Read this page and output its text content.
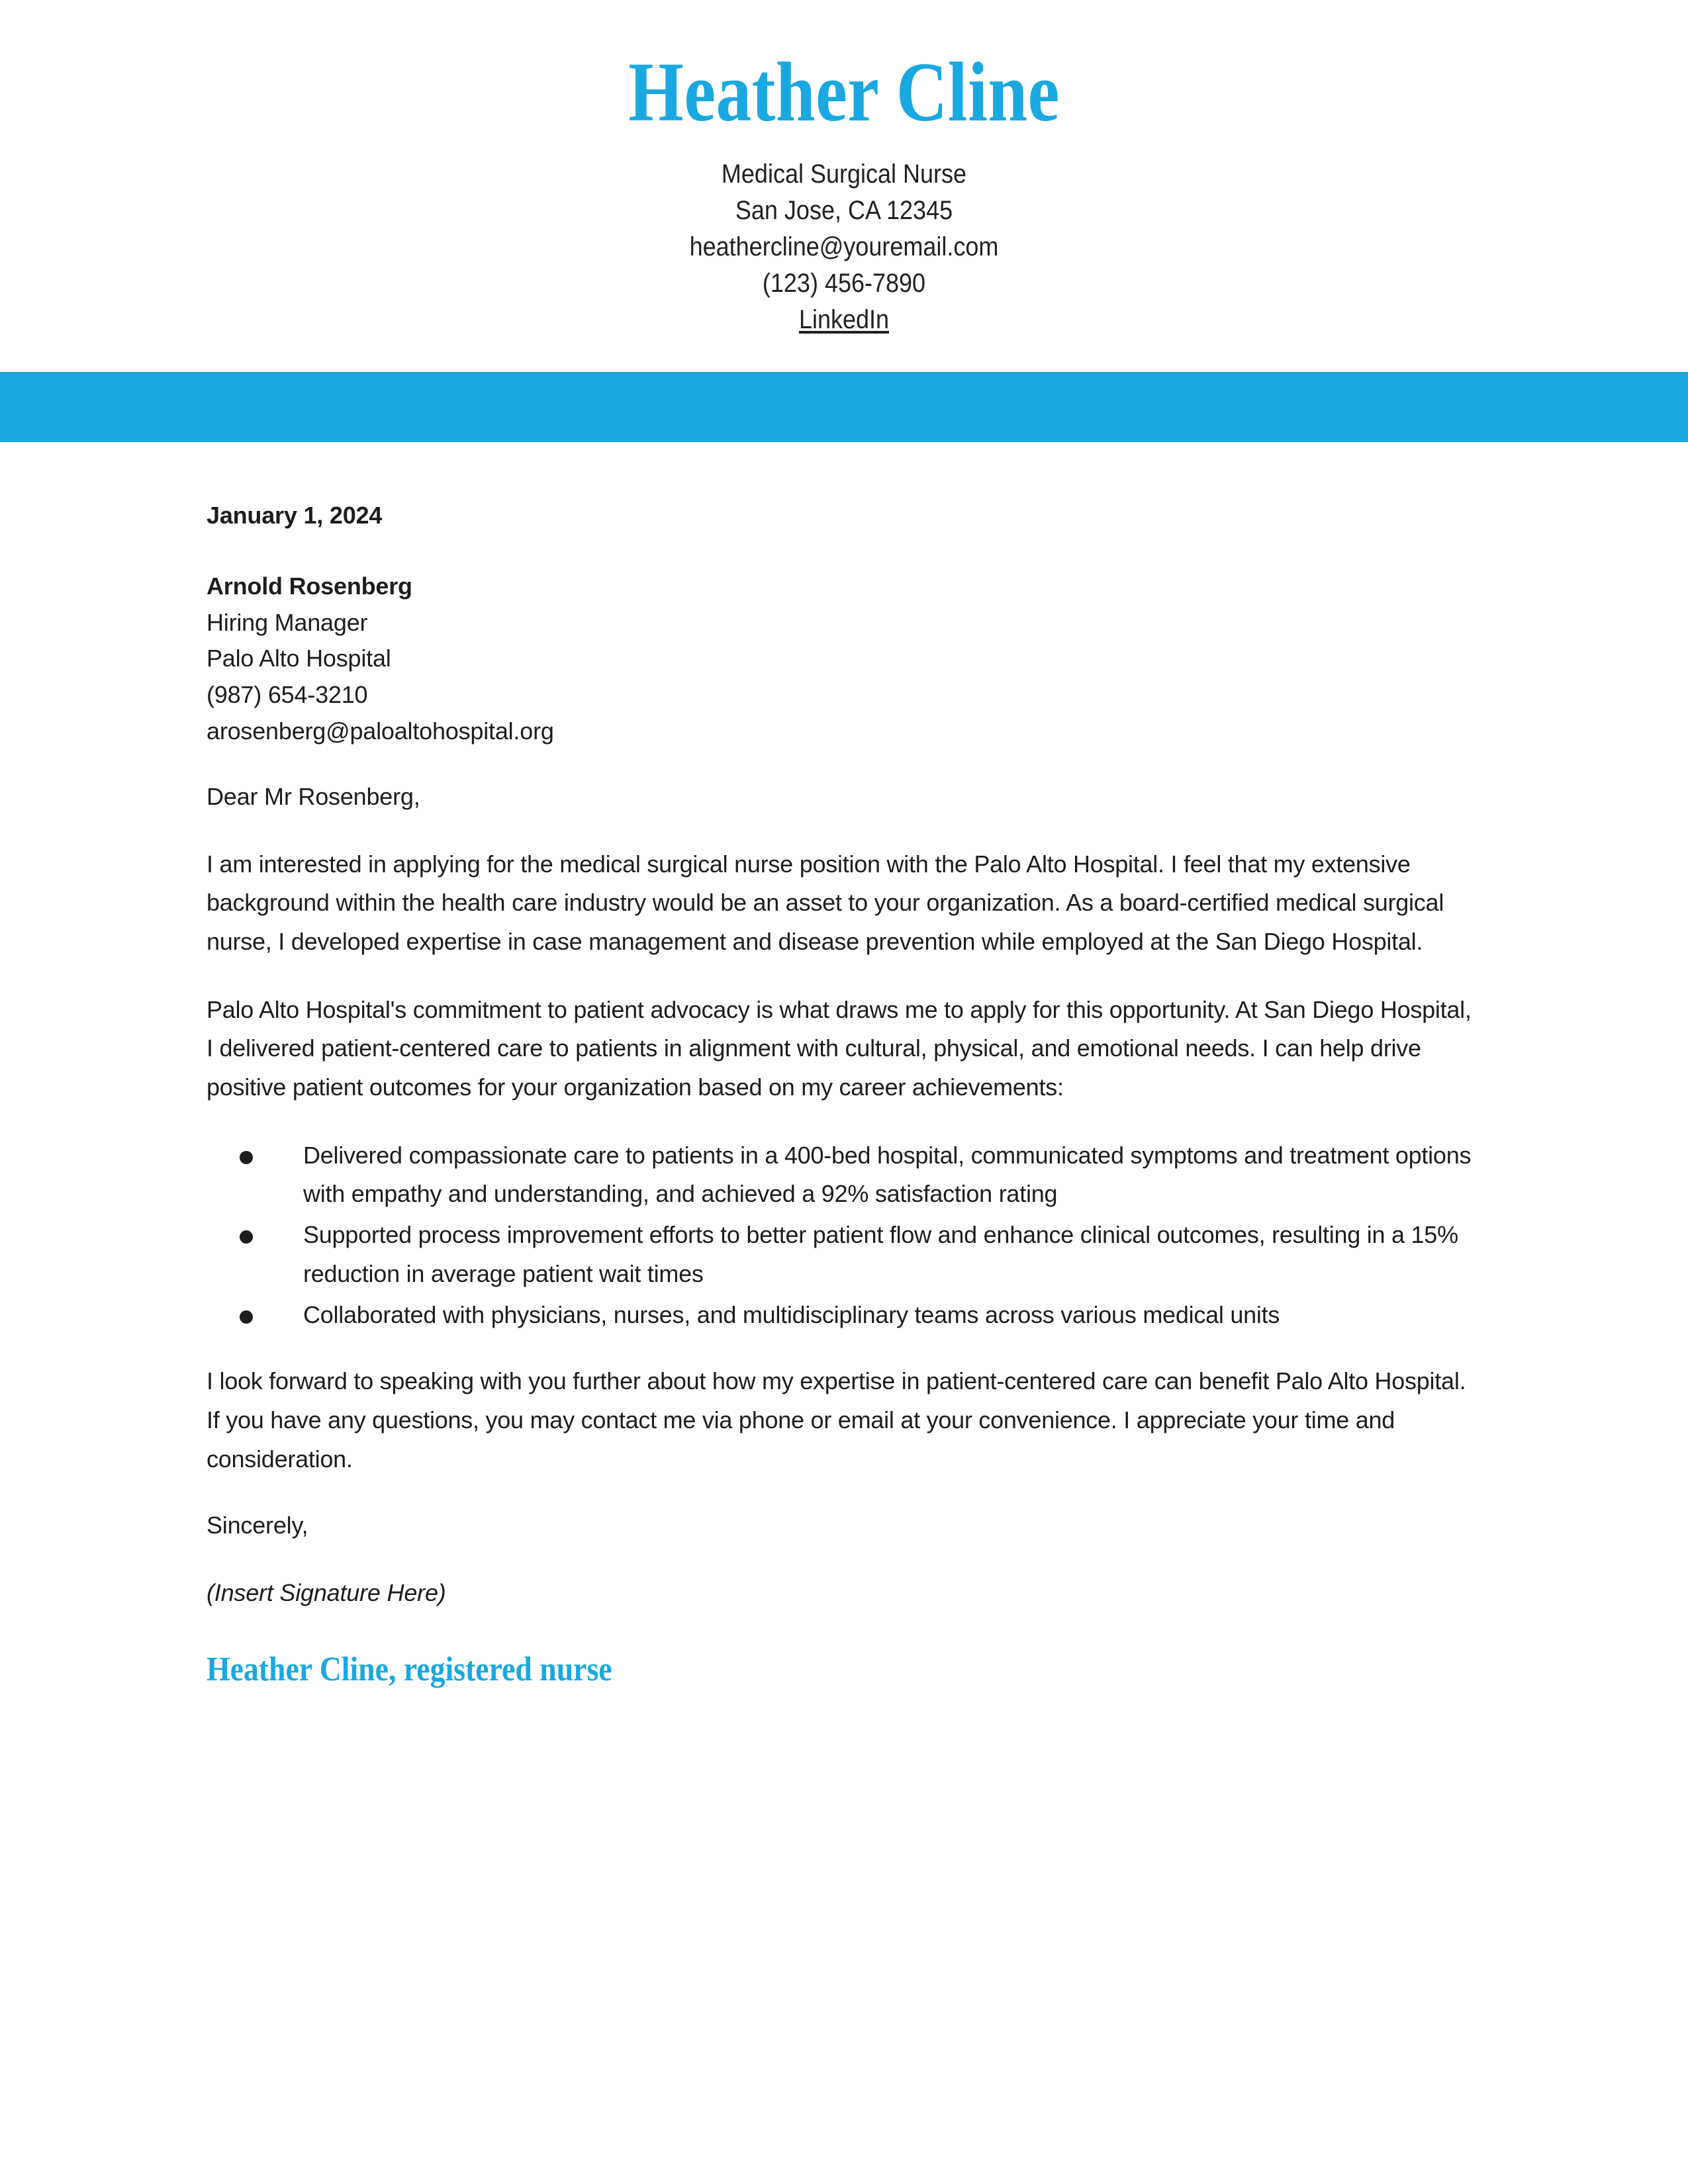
Heather Cline
Medical Surgical Nurse
San Jose, CA 12345
heathercline@youremail.com
(123) 456-7890
LinkedIn
January 1, 2024
Arnold Rosenberg
Hiring Manager
Palo Alto Hospital
(987) 654-3210
arosenberg@paloaltohospital.org
Dear Mr Rosenberg,

I am interested in applying for the medical surgical nurse position with the Palo Alto Hospital. I feel that my extensive background within the health care industry would be an asset to your organization. As a board-certified medical surgical nurse, I developed expertise in case management and disease prevention while employed at the San Diego Hospital.

Palo Alto Hospital's commitment to patient advocacy is what draws me to apply for this opportunity. At San Diego Hospital, I delivered patient-centered care to patients in alignment with cultural, physical, and emotional needs. I can help drive positive patient outcomes for your organization based on my career achievements:

Delivered compassionate care to patients in a 400-bed hospital, communicated symptoms and treatment options with empathy and understanding, and achieved a 92% satisfaction rating
Supported process improvement efforts to better patient flow and enhance clinical outcomes, resulting in a 15% reduction in average patient wait times
Collaborated with physicians, nurses, and multidisciplinary teams across various medical units

I look forward to speaking with you further about how my expertise in patient-centered care can benefit Palo Alto Hospital. If you have any questions, you may contact me via phone or email at your convenience. I appreciate your time and consideration.

Sincerely,
(Insert Signature Here)
Heather Cline, registered nurse
